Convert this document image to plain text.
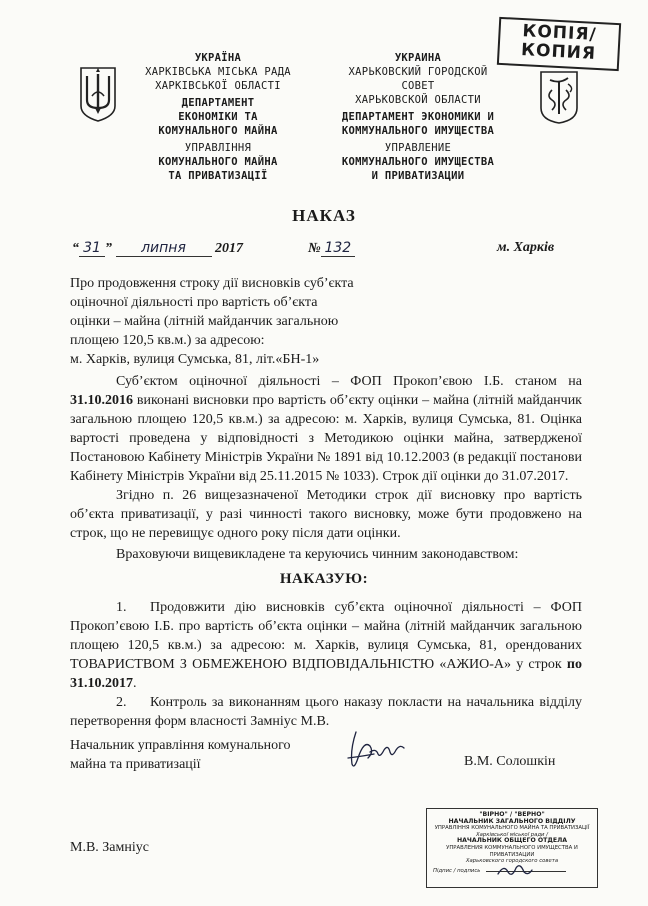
УКРАЇНА
ХАРКІВСЬКА МІСЬКА РАДА
ХАРКІВСЬКОЇ ОБЛАСТІ
ДЕПАРТАМЕНТ
ЕКОНОМІКИ ТА
КОМУНАЛЬНОГО МАЙНА
УПРАВЛІННЯ
КОМУНАЛЬНОГО МАЙНА
ТА ПРИВАТИЗАЦІЇ
УКРАИНА
ХАРЬКОВСКИЙ ГОРОДСКОЙ
СОВЕТ
ХАРЬКОВСКОЙ ОБЛАСТИ
ДЕПАРТАМЕНТ ЭКОНОМИКИ И
КОММУНАЛЬНОГО ИМУЩЕСТВА
УПРАВЛЕНИЕ
КОММУНАЛЬНОГО ИМУЩЕСТВА
И ПРИВАТИЗАЦИИ
КОПІЯ/
КОПИЯ
НАКАЗ
“ 31 ” липня 2017	№ 132	м. Харків
Про продовження строку дії висновків суб’єкта
оціночної діяльності про вартість об’єкта
оцінки – майна (літній майданчик загальною
площею 120,5 кв.м.) за адресою:
м. Харків, вулиця Сумська, 81, літ.«БН-1»

Суб’єктом оціночної діяльності – ФОП Прокоп’євою І.Б. станом на 31.10.2016 виконані висновки про вартість об’єкту оцінки – майна (літній майданчик загальною площею 120,5 кв.м.) за адресою: м. Харків, вулиця Сумська, 81. Оцінка вартості проведена у відповідності з Методикою оцінки майна, затвердженої Постановою Кабінету Міністрів України № 1891 від 10.12.2003 (в редакції постанови Кабінету Міністрів України від 25.11.2015 № 1033). Строк дії оцінки до 31.07.2017.

Згідно п. 26 вищезазначеної Методики строк дії висновку про вартість об’єкта приватизації, у разі чинності такого висновку, може бути продовжено на строк, що не перевищує одного року після дати оцінки.

Враховуючи вищевикладене та керуючись чинним законодавством:

НАКАЗУЮ:

1. Продовжити дію висновків суб’єкта оціночної діяльності – ФОП Прокоп’євою І.Б. про вартість об’єкта оцінки – майна (літній майданчик загальною площею 120,5 кв.м.) за адресою: м. Харків, вулиця Сумська, 81, орендованих ТОВАРИСТВОМ З ОБМЕЖЕНОЮ ВІДПОВІДАЛЬНІСТЮ «АЖИО-А» у строк по 31.10.2017.

2. Контроль за виконанням цього наказу покласти на начальника відділу перетворення форм власності Замніус М.В.

Начальник управління комунального
майна та приватизації	В.М. Солошкін
М.В. Замніус
"ВІРНО" / "ВЕРНО"
НАЧАЛЬНИК ЗАГАЛЬНОГО ВІДДІЛУ
УПРАВЛІННЯ КОМУНАЛЬНОГО МАЙНА ТА ПРИВАТИЗАЦІЇ
Харківської міської ради /
НАЧАЛЬНИК ОБЩЕГО ОТДЕЛА
УПРАВЛЕНИЯ КОММУНАЛЬНОГО ИМУЩЕСТВА И ПРИВАТИЗАЦИИ
Харьковского городского совета
Підпис / подпись
